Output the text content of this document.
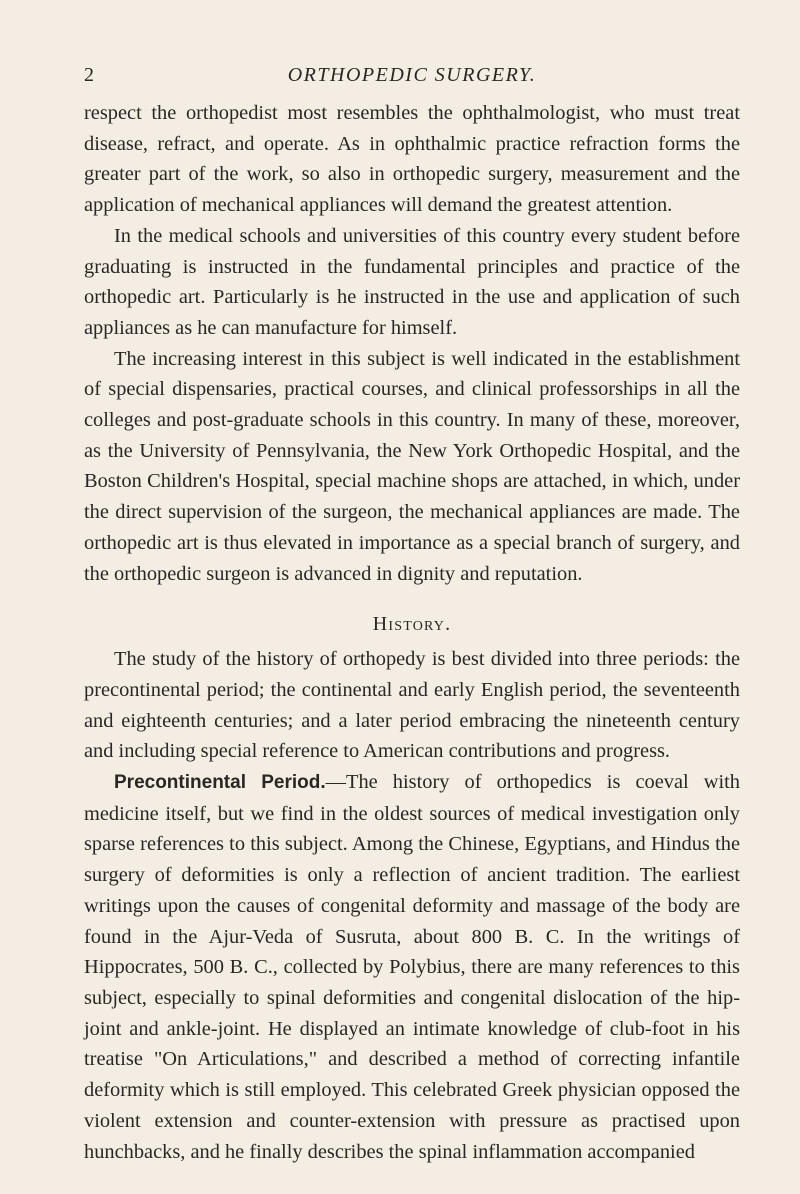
2	ORTHOPEDIC SURGERY.

respect the orthopedist most resembles the ophthalmologist, who must treat disease, refract, and operate. As in ophthalmic practice refraction forms the greater part of the work, so also in orthopedic surgery, measurement and the application of mechanical appliances will demand the greatest attention.

In the medical schools and universities of this country every student before graduating is instructed in the fundamental principles and practice of the orthopedic art. Particularly is he instructed in the use and application of such appliances as he can manufacture for himself.

The increasing interest in this subject is well indicated in the establishment of special dispensaries, practical courses, and clinical professorships in all the colleges and post-graduate schools in this country. In many of these, moreover, as the University of Pennsylvania, the New York Orthopedic Hospital, and the Boston Children's Hospital, special machine shops are attached, in which, under the direct supervision of the surgeon, the mechanical appliances are made. The orthopedic art is thus elevated in importance as a special branch of surgery, and the orthopedic surgeon is advanced in dignity and reputation.

History.

The study of the history of orthopedy is best divided into three periods: the precontinental period; the continental and early English period, the seventeenth and eighteenth centuries; and a later period embracing the nineteenth century and including special reference to American contributions and progress.

Precontinental Period.—The history of orthopedics is coeval with medicine itself, but we find in the oldest sources of medical investigation only sparse references to this subject. Among the Chinese, Egyptians, and Hindus the surgery of deformities is only a reflection of ancient tradition. The earliest writings upon the causes of congenital deformity and massage of the body are found in the Ajur-Veda of Susruta, about 800 B. C. In the writings of Hippocrates, 500 B. C., collected by Polybius, there are many references to this subject, especially to spinal deformities and congenital dislocation of the hip-joint and ankle-joint. He displayed an intimate knowledge of club-foot in his treatise "On Articulations," and described a method of correcting infantile deformity which is still employed. This celebrated Greek physician opposed the violent extension and counter-extension with pressure as practised upon hunchbacks, and he finally describes the spinal inflammation accompanied
